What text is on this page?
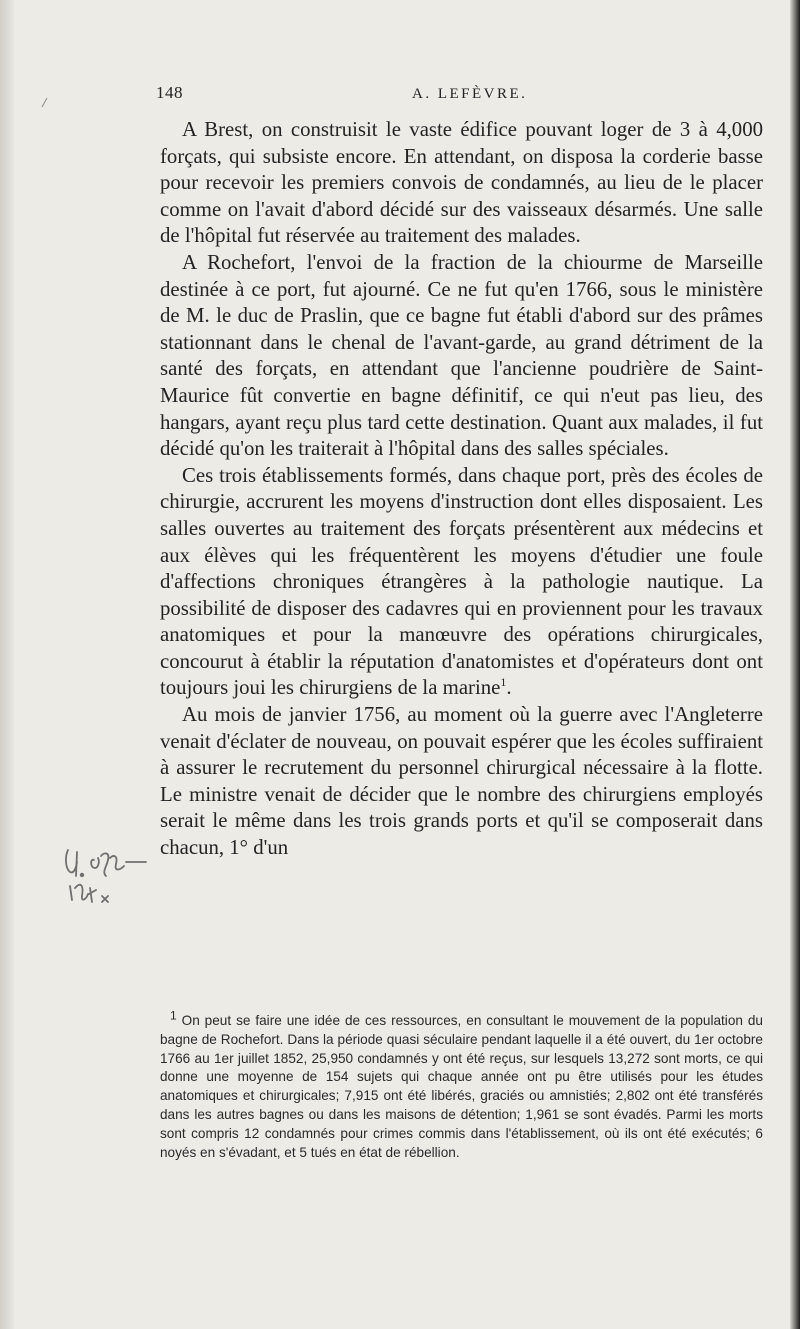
148	A. LEFÈVRE.

A Brest, on construisit le vaste édifice pouvant loger de 3 à 4,000 forçats, qui subsiste encore. En attendant, on disposa la corderie basse pour recevoir les premiers convois de condamnés, au lieu de le placer comme on l'avait d'abord décidé sur des vaisseaux désarmés. Une salle de l'hôpital fut réservée au traitement des malades.

A Rochefort, l'envoi de la fraction de la chiourme de Marseille destinée à ce port, fut ajourné. Ce ne fut qu'en 1766, sous le ministère de M. le duc de Praslin, que ce bagne fut établi d'abord sur des prâmes stationnant dans le chenal de l'avant-garde, au grand détriment de la santé des forçats, en attendant que l'ancienne poudrière de Saint-Maurice fût convertie en bagne définitif, ce qui n'eut pas lieu, des hangars, ayant reçu plus tard cette destination. Quant aux malades, il fut décidé qu'on les traiterait à l'hôpital dans des salles spéciales.

Ces trois établissements formés, dans chaque port, près des écoles de chirurgie, accrurent les moyens d'instruction dont elles disposaient. Les salles ouvertes au traitement des forçats présentèrent aux médecins et aux élèves qui les fréquentèrent les moyens d'étudier une foule d'affections chroniques étrangères à la pathologie nautique. La possibilité de disposer des cadavres qui en proviennent pour les travaux anatomiques et pour la manœuvre des opérations chirurgicales, concourut à établir la réputation d'anatomistes et d'opérateurs dont ont toujours joui les chirurgiens de la marine$^1$.

Au mois de janvier 1756, au moment où la guerre avec l'Angleterre venait d'éclater de nouveau, on pouvait espérer que les écoles suffiraient à assurer le recrutement du personnel chirurgical nécessaire à la flotte. Le ministre venait de décider que le nombre des chirurgiens employés serait le même dans les trois grands ports et qu'il se composerait dans chacun, 1° d'un

1 On peut se faire une idée de ces ressources, en consultant le mouvement de la population du bagne de Rochefort. Dans la période quasi séculaire pendant laquelle il a été ouvert, du 1er octobre 1766 au 1er juillet 1852, 25,950 condamnés y ont été reçus, sur lesquels 13,272 sont morts, ce qui donne une moyenne de 154 sujets qui chaque année ont pu être utilisés pour les études anatomiques et chirurgicales; 7,915 ont été libérés, graciés ou amnistiés; 2,802 ont été transférés dans les autres bagnes ou dans les maisons de détention; 1,961 se sont évadés. Parmi les morts sont compris 12 condamnés pour crimes commis dans l'établissement, où ils ont été exécutés; 6 noyés en s'évadant, et 5 tués en état de rébellion.
